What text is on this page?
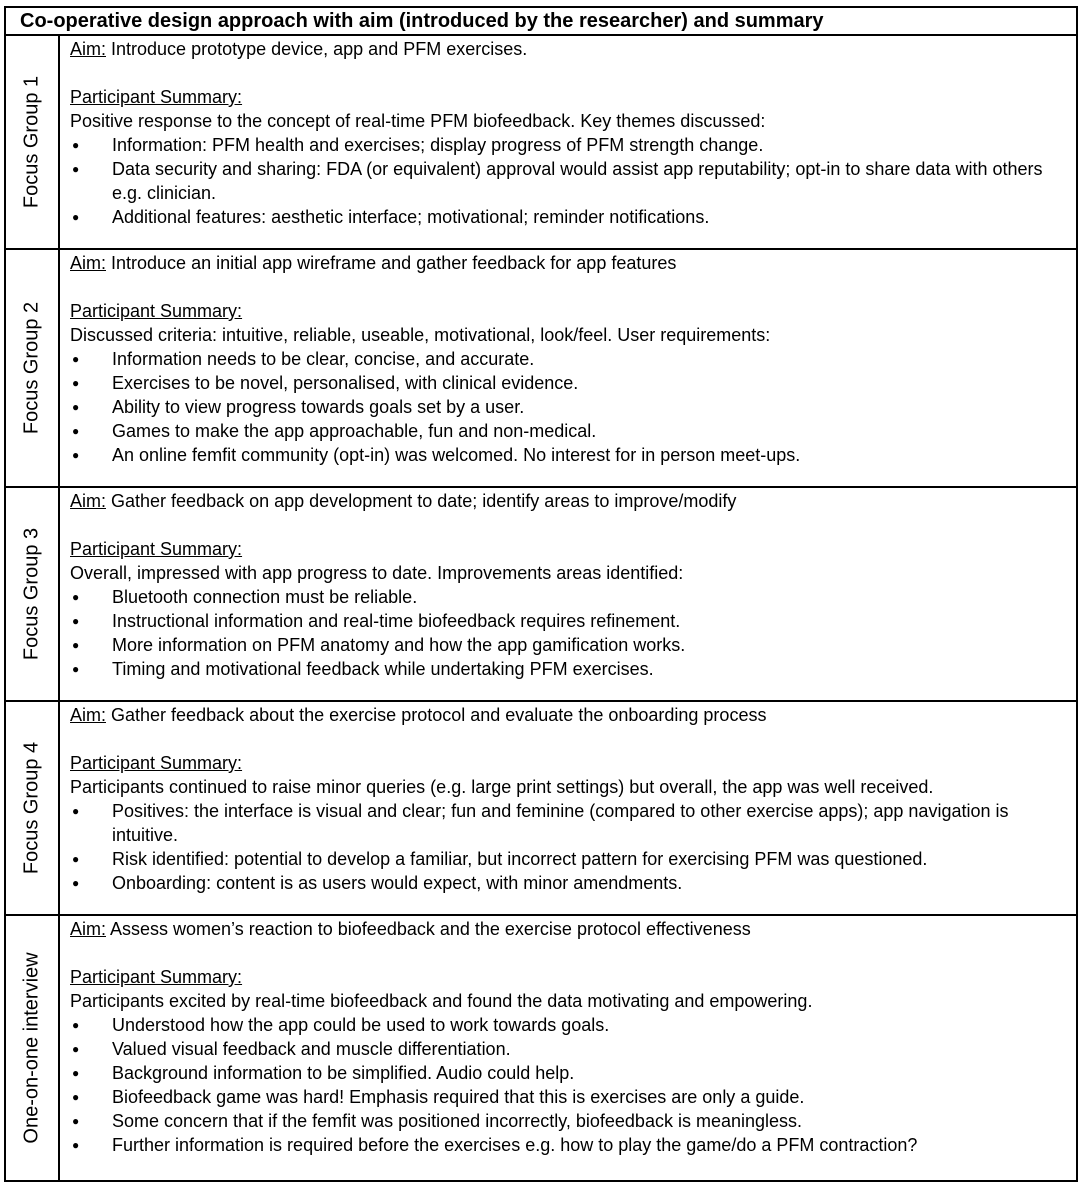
Co-operative design approach with aim (introduced by the researcher) and summary
Focus Group 1
Aim: Introduce prototype device, app and PFM exercises.
Participant Summary:
Positive response to the concept of real-time PFM biofeedback. Key themes discussed:
● Information: PFM health and exercises; display progress of PFM strength change.
● Data security and sharing: FDA (or equivalent) approval would assist app reputability; opt-in to share data with others e.g. clinician.
● Additional features: aesthetic interface; motivational; reminder notifications.
Focus Group 2
Aim: Introduce an initial app wireframe and gather feedback for app features
Participant Summary:
Discussed criteria: intuitive, reliable, useable, motivational, look/feel. User requirements:
● Information needs to be clear, concise, and accurate.
● Exercises to be novel, personalised, with clinical evidence.
● Ability to view progress towards goals set by a user.
● Games to make the app approachable, fun and non-medical.
● An online femfit community (opt-in) was welcomed. No interest for in person meet-ups.
Focus Group 3
Aim: Gather feedback on app development to date; identify areas to improve/modify
Participant Summary:
Overall, impressed with app progress to date. Improvements areas identified:
● Bluetooth connection must be reliable.
● Instructional information and real-time biofeedback requires refinement.
● More information on PFM anatomy and how the app gamification works.
● Timing and motivational feedback while undertaking PFM exercises.
Focus Group 4
Aim: Gather feedback about the exercise protocol and evaluate the onboarding process
Participant Summary:
Participants continued to raise minor queries (e.g. large print settings) but overall, the app was well received.
● Positives: the interface is visual and clear; fun and feminine (compared to other exercise apps); app navigation is intuitive.
● Risk identified: potential to develop a familiar, but incorrect pattern for exercising PFM was questioned.
● Onboarding: content is as users would expect, with minor amendments.
One-on-one interview
Aim: Assess women’s reaction to biofeedback and the exercise protocol effectiveness
Participant Summary:
Participants excited by real-time biofeedback and found the data motivating and empowering.
● Understood how the app could be used to work towards goals.
● Valued visual feedback and muscle differentiation.
● Background information to be simplified. Audio could help.
● Biofeedback game was hard! Emphasis required that this is exercises are only a guide.
● Some concern that if the femfit was positioned incorrectly, biofeedback is meaningless.
● Further information is required before the exercises e.g. how to play the game/do a PFM contraction?
